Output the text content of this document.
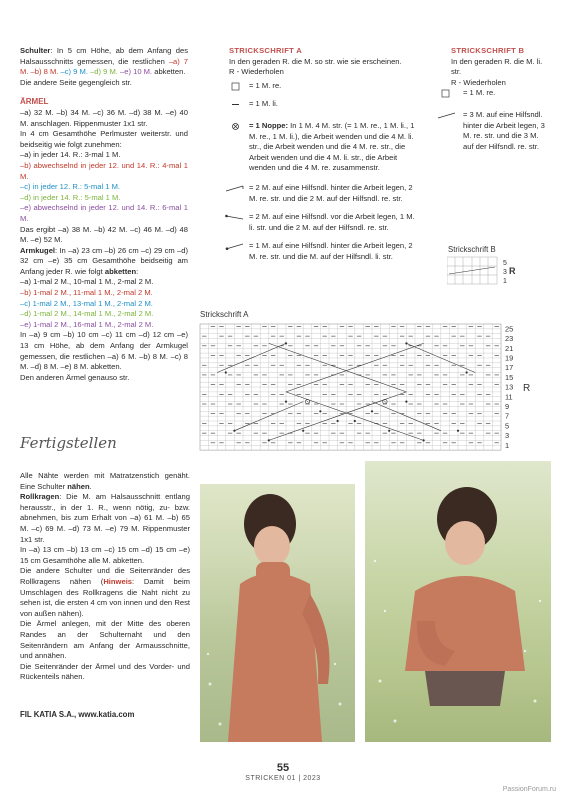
Schulter: In 5 cm Höhe, ab dem Anfang des Halsausschnitts gemessen, die restlichen –a) 7 M. –b) 8 M. –c) 9 M. –d) 9 M. –e) 10 M. abketten.

Die andere Seite gegengleich str.

ÄRMEL

–a) 32 M. –b) 34 M. –c) 36 M. –d) 38 M. –e) 40 M. anschlagen. Rippenmuster 1x1 str.

In 4 cm Gesamthöhe Perlmuster weiterstr. und beidseitig wie folgt zunehmen:

–a) in jeder 14. R.: 3-mal 1 M.

–b) abwechselnd in jeder 12. und 14. R.: 4-mal 1 M.

–c) in jeder 12. R.: 5-mal 1 M.

–d) in jeder 14. R.: 5-mal 1 M.

–e) abwechselnd in jeder 12. und 14. R.: 6-mal 1 M.

Das ergibt –a) 38 M. –b) 42 M. –c) 46 M. –d) 48 M. –e) 52 M.

Armkugel: In –a) 23 cm –b) 26 cm –c) 29 cm –d) 32 cm –e) 35 cm Gesamthöhe beidseitig am Anfang jeder R. wie folgt abketten:

–a) 1-mal 2 M., 10-mal 1 M., 2-mal 2 M.

–b) 1-mal 2 M., 11-mal 1 M., 2-mal 2 M.

–c) 1-mal 2 M., 13-mal 1 M., 2-mal 2 M.

–d) 1-mal 2 M., 14-mal 1 M., 2-mal 2 M.

–e) 1-mal 2 M., 16-mal 1 M., 2-mal 2 M.

In –a) 9 cm –b) 10 cm –c) 11 cm –d) 12 cm –e) 13 cm Höhe, ab dem Anfang der Armkugel gemessen, die restlichen –a) 6 M. –b) 8 M. –c) 8 M. –d) 8 M. –e) 8 M. abketten.

Den anderen Ärmel genauso str.

STRICKSCHRIFT A

In den geraden R. die M. so str. wie sie erscheinen.

R - Wiederholen

= 1 M. re.
= 1 M. li.
= 1 Noppe: In 1 M. 4 M. str. (= 1 M. re., 1 M. li., 1 M. re., 1 M. li.), die Arbeit wenden und die 4 M. li. str., die Arbeit wenden und die 4 M. re. str., die Arbeit wenden und die 4 M. li. str., die Arbeit wenden und die 4 M. re. zusammenstr.
= 2 M. auf eine Hilfsndl. hinter die Arbeit legen, 2 M. re. str. und die 2 M. auf der Hilfsndl. re. str.
= 2 M. auf eine Hilfsndl. vor die Arbeit legen, 1 M. li. str. und die 2 M. auf der Hilfsndl. re. str.
= 1 M. auf eine Hilfsndl. hinter die Arbeit legen, 2 M. re. str. und die M. auf der Hilfsndl. li. str.
STRICKSCHRIFT B

In den geraden R. die M. li. str.

R - Wiederholen

= 1 M. re.
= 3 M. auf eine Hilfsndl. hinter die Arbeit legen, 3 M. re. str. und die 3 M. auf der Hilfsndl. re. str.
Strickschrift B
5
3
1
R
Strickschrift A
25
23
21
19
17
15
13
11
9
7
5
3
1
R
Fertigstellen

Alle Nähte werden mit Matratzenstich genäht. Eine Schulter nähen.

Rollkragen: Die M. am Halsausschnitt entlang herausstr., in der 1. R., wenn nötig, zu- bzw. abnehmen, bis zum Erhalt von –a) 61 M. –b) 65 M. –c) 69 M. –d) 73 M. –e) 79 M. Rippenmuster 1x1 str.

In –a) 13 cm –b) 13 cm –c) 15 cm –d) 15 cm –e) 15 cm Gesamthöhe alle M. abketten.

Die andere Schulter und die Seitenränder des Rollkragens nähen (Hinweis: Damit beim Umschlagen des Rollkragens die Naht nicht zu sehen ist, die ersten 4 cm von innen und den Rest von außen nähen).

Die Ärmel anlegen, mit der Mitte des oberen Randes an der Schulternaht und den Seitenrändern am Anfang der Armausschnitte, und annähen.

Die Seitenränder der Ärmel und des Vorder- und Rückenteils nähen.

FIL KATIA S.A., www.katia.com
55
STRICKEN 01 | 2023
PassionForum.ru
